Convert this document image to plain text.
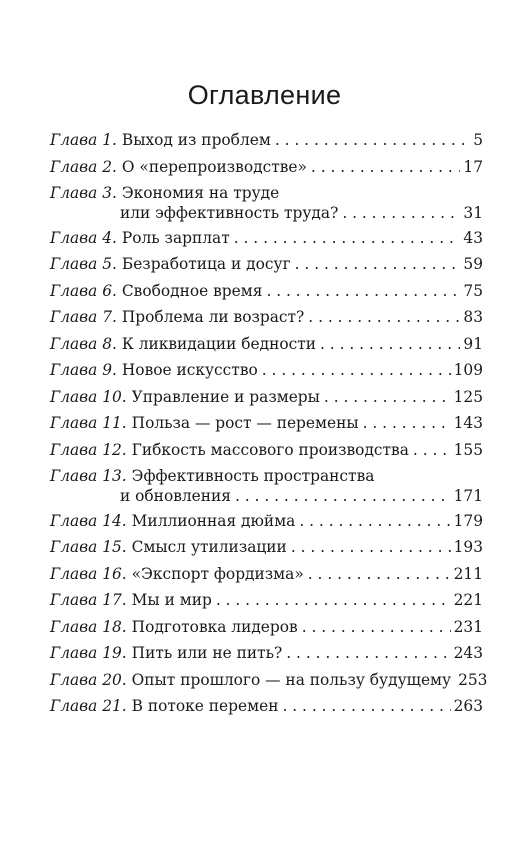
Оглавление
Глава 1. Выход из проблем . . .	5
Глава 2. О «перепроизводстве» . . .	17
Глава 3. Экономия на труде
или эффективность труда? . . .	31
Глава 4. Роль зарплат . . .	43
Глава 5. Безработица и досуг . . .	59
Глава 6. Свободное время . . .	75
Глава 7. Проблема ли возраст? . . .	83
Глава 8. К ликвидации бедности . . .	91
Глава 9. Новое искусство . . .	109
Глава 10. Управление и размеры . . .	125
Глава 11. Польза — рост — перемены . . .	143
Глава 12. Гибкость массового производства . . .	155
Глава 13. Эффективность пространства
и обновления . . .	171
Глава 14. Миллионная дюйма . . .	179
Глава 15. Смысл утилизации . . .	193
Глава 16. «Экспорт фордизма» . . .	211
Глава 17. Мы и мир . . .	221
Глава 18. Подготовка лидеров . . .	231
Глава 19. Пить или не пить? . . .	243
Глава 20. Опыт прошлого — на пользу будущему 253
Глава 21. В потоке перемен . . .	263
